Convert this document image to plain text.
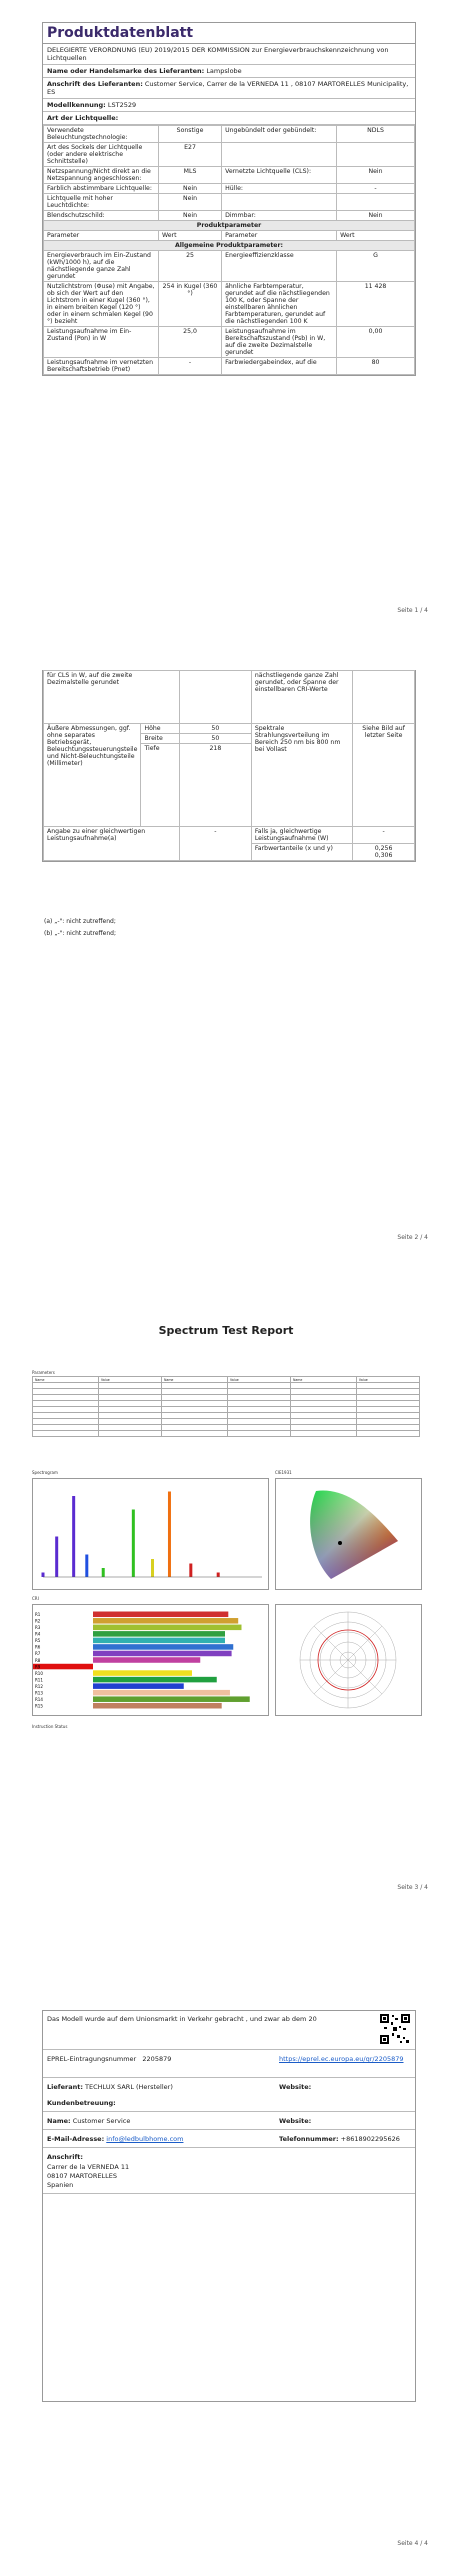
Produktdatenblatt
DELEGIERTE VERORDNUNG (EU) 2019/2015 DER KOMMISSION zur Energieverbrauchskennzeichnung von Lichtquellen
Name oder Handelsmarke des Lieferanten: Lampslobe
Anschrift des Lieferanten: Customer Service, Carrer de la VERNEDA 11 , 08107 MARTORELLES Municipality, ES
Modellkennung: LST2529
Art der Lichtquelle:
Verwendete Beleuchtungstechnologie:	Sonstige	Ungebündelt oder gebündelt:	NDLS
Art des Sockels der Lichtquelle (oder andere elektrische Schnittstelle)	E27		
Netzspannung/Nicht direkt an die Netzspannung angeschlossen:	MLS	Vernetzte Lichtquelle (CLS):	Nein
Farblich abstimmbare Lichtquelle:	Nein	Hülle:	-
Lichtquelle mit hoher Leuchtdichte:	Nein		
Blendschutzschild:	Nein	Dimmbar:	Nein
Produktparameter			
Parameter	Wert	Parameter	Wert
Allgemeine Produktparameter:			
Energieverbrauch im Ein-Zustand (kWh/1000 h), auf die nächstliegende ganze Zahl gerundet	25	Energieeffizienzklasse	G
Nutzlichtstrom (Φuse) mit Angabe, ob sich der Wert auf den Lichtstrom in einer Kugel (360 °), in einem breiten Kegel (120 °) oder in einem schmalen Kegel (90 °) bezieht	254 in Kugel (360 °)	ähnliche Farbtemperatur, gerundet auf die nächstliegenden 100 K, oder Spanne der einstellbaren ähnlichen Farbtemperaturen, gerundet auf die nächstliegenden 100 K	11 428
Leistungsaufnahme im Ein-Zustand (Pon) in W	25,0	Leistungsaufnahme im Bereitschaftszustand (Psb) in W, auf die zweite Dezimalstelle gerundet	0,00
Leistungsaufnahme im vernetzten Bereitschaftsbetrieb (Pnet)	-	Farbwiedergabeindex, auf die	80
Seite 1 / 4
für CLS in W, auf die zweite Dezimalstelle gerundet			nächstliegende ganze Zahl gerundet, oder Spanne der einstellbaren CRI-Werte	
Äußere Abmessungen, ggf. ohne separates Betriebsgerät, Beleuchtungssteuerungsteile und Nicht-Beleuchtungsteile (Millimeter)	Höhe	50	Spektrale Strahlungsverteilung im Bereich 250 nm bis 800 nm bei Vollast	Siehe Bild auf letzter Seite
	Breite	50		
	Tiefe	218		
Angabe zu einer gleichwertigen Leistungsaufnahme(a)		-	Falls ja, gleichwertige Leistungsaufnahme (W)	-
			Farbwertanteile (x und y)	0,256
0,306
(a) „-": nicht zutreffend;
(b) „-": nicht zutreffend;
Seite 2 / 4
Spectrum Test Report
Parameters
Name	Value	Name	Value	Name	Value

Spectrogram	CIE1931
CRI
R1
R2
R3
R4
R5
R6
R7
R8
R9
R10
R11
R12
R13
R14
R15
Instruction Status
Seite 3 / 4
Das Modell wurde auf dem Unionsmarkt in Verkehr gebracht , und zwar ab dem 20
EPREL-Eintragungsnummer 2205879	https://eprel.ec.europa.eu/qr/2205879
Lieferant: TECHLUX SARL (Hersteller)	Website:
Kundenbetreuung:
Name: Customer Service	Website:
E-Mail-Adresse: info@ledbulbhome.com	Telefonnummer: +8618902295626
Anschrift:
Carrer de la VERNEDA 11
08107 MARTORELLES
Spanien
Seite 4 / 4
